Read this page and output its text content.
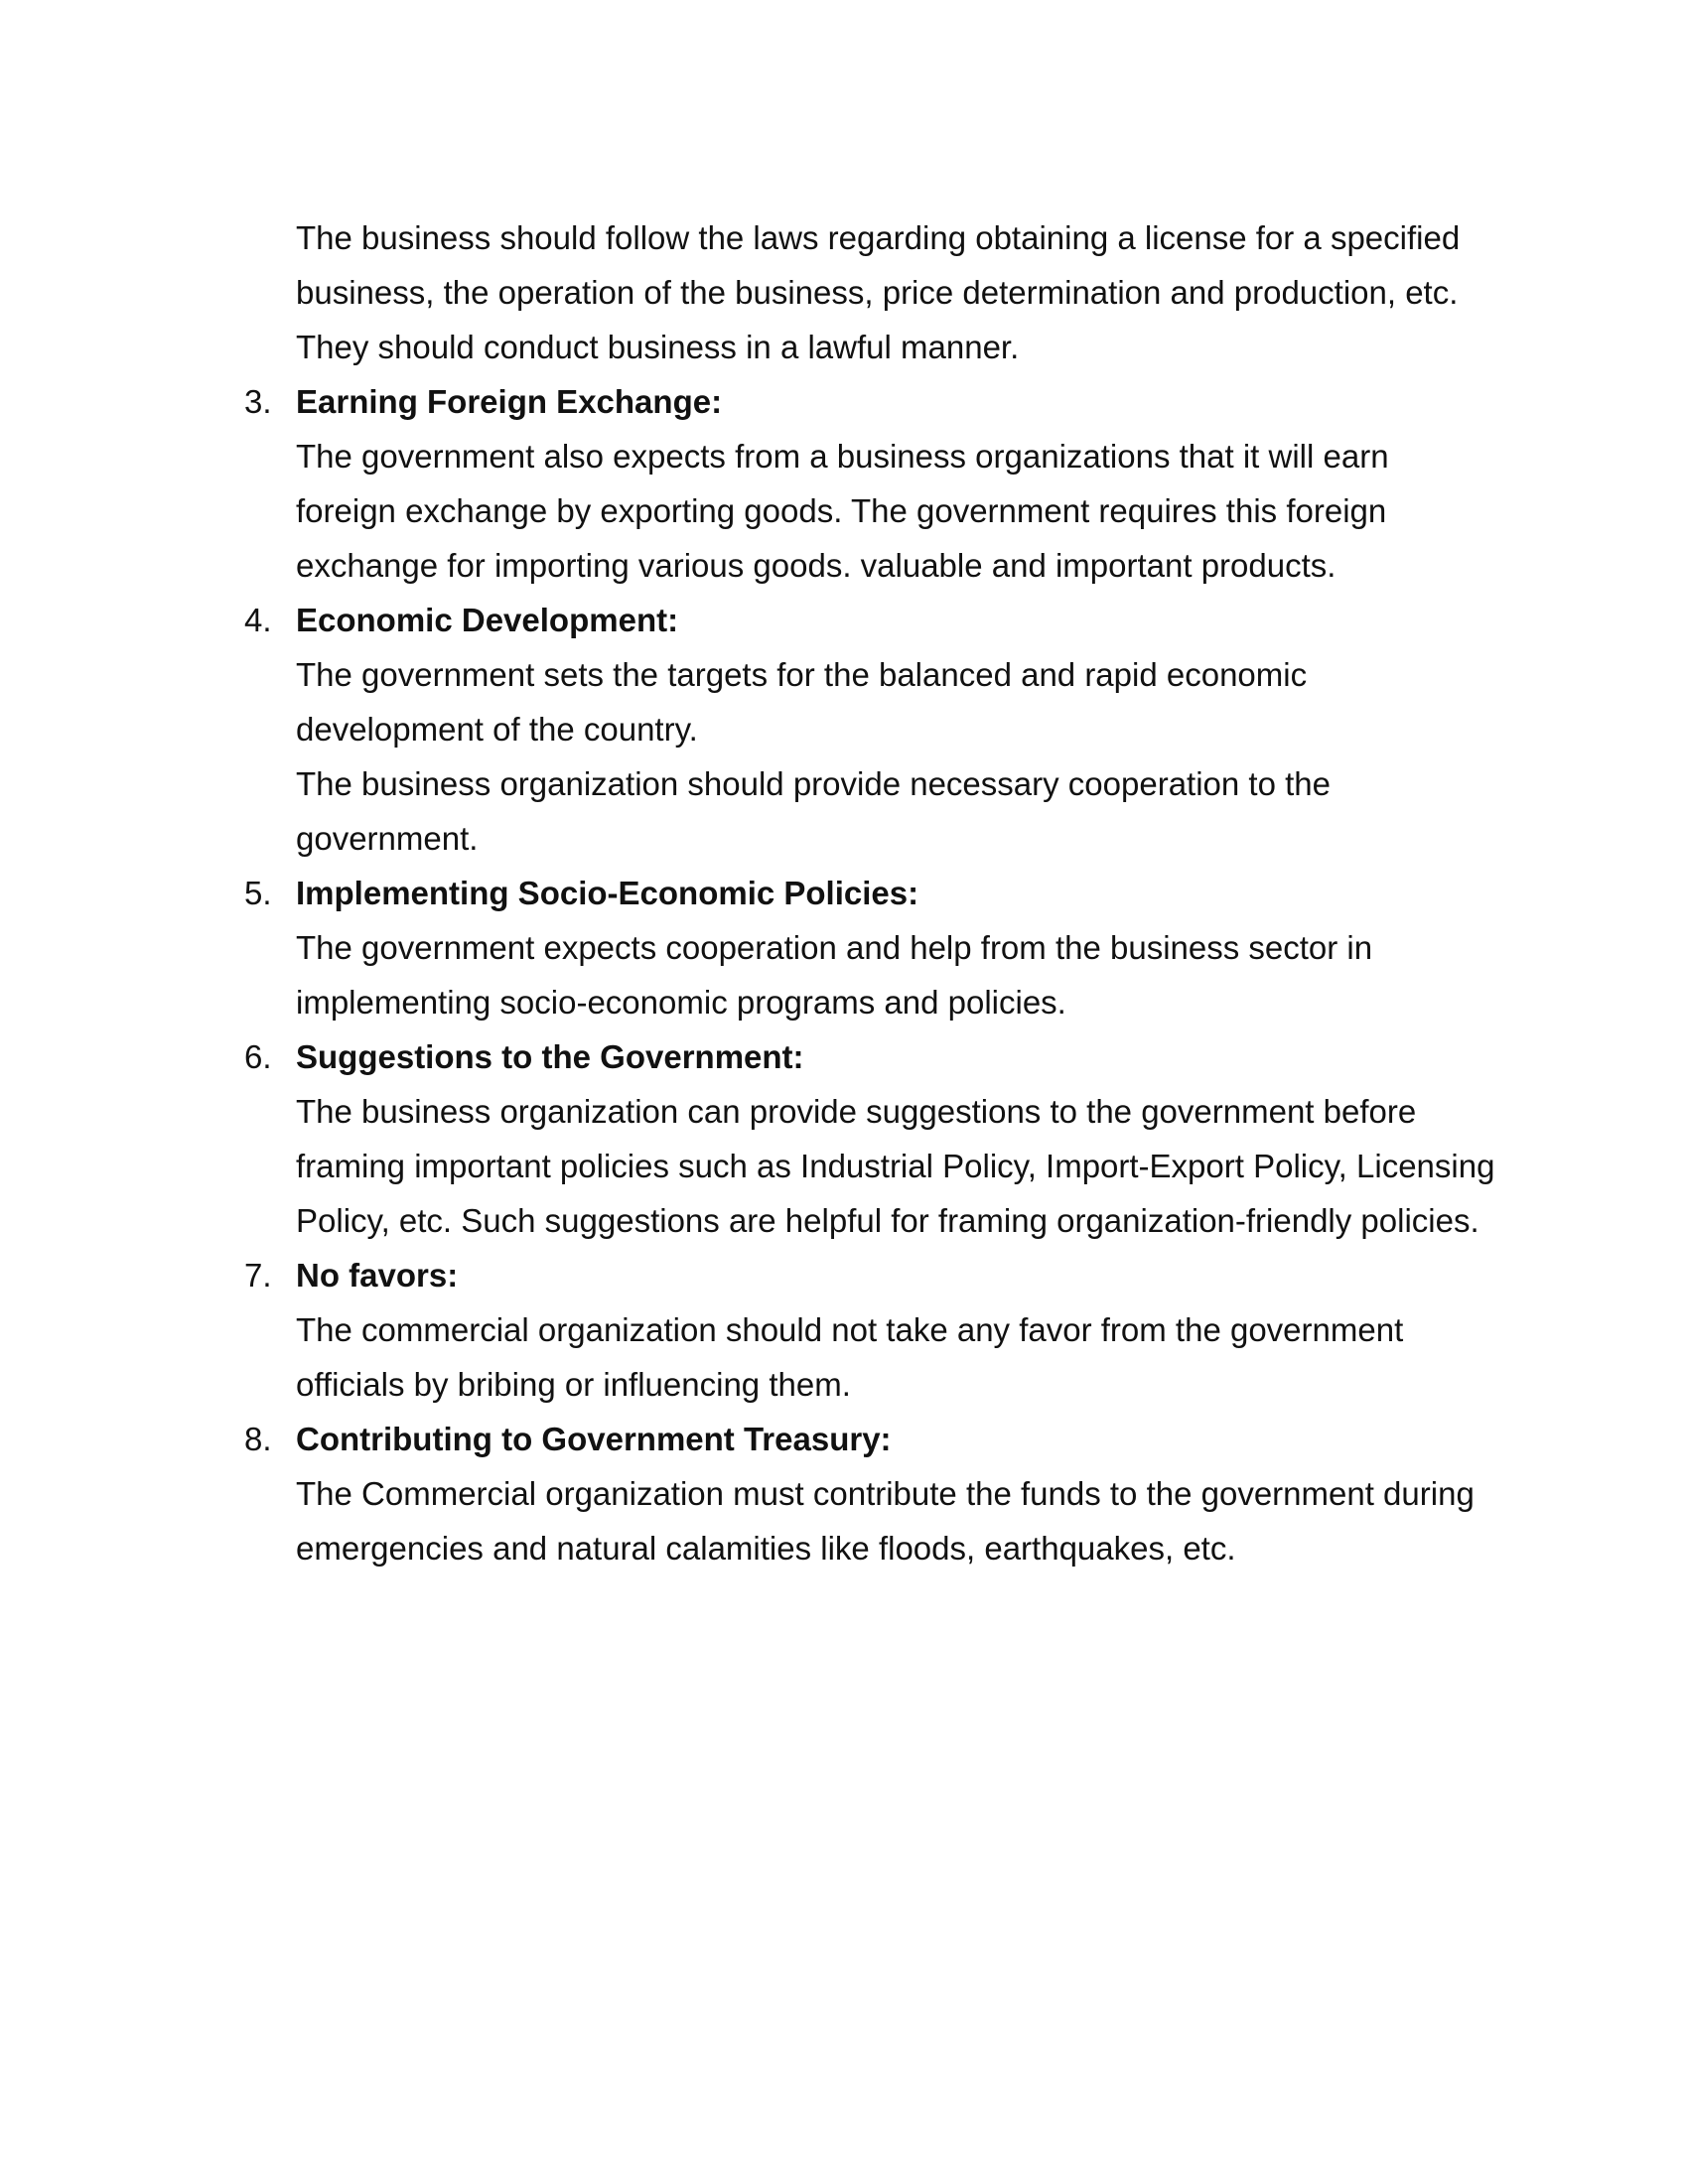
The business should follow the laws regarding obtaining a license for a specified
business, the operation of the business, price determination and production, etc.
They should conduct business in a lawful manner.
3. Earning Foreign Exchange:

The government also expects from a business organizations that it will earn foreign exchange by exporting goods. The government requires this foreign exchange for importing various goods. valuable and important products.

4. Economic Development:

The government sets the targets for the balanced and rapid economic development of the country.

The business organization should provide necessary cooperation to the government.

5. Implementing Socio-Economic Policies:

The government expects cooperation and help from the business sector in implementing socio-economic programs and policies.

6. Suggestions to the Government:

The business organization can provide suggestions to the government before framing important policies such as Industrial Policy, Import-Export Policy, Licensing Policy, etc. Such suggestions are helpful for framing organization-friendly policies.

7. No favors:

The commercial organization should not take any favor from the government officials by bribing or influencing them.

8. Contributing to Government Treasury:

The Commercial organization must contribute the funds to the government during emergencies and natural calamities like floods, earthquakes, etc.
